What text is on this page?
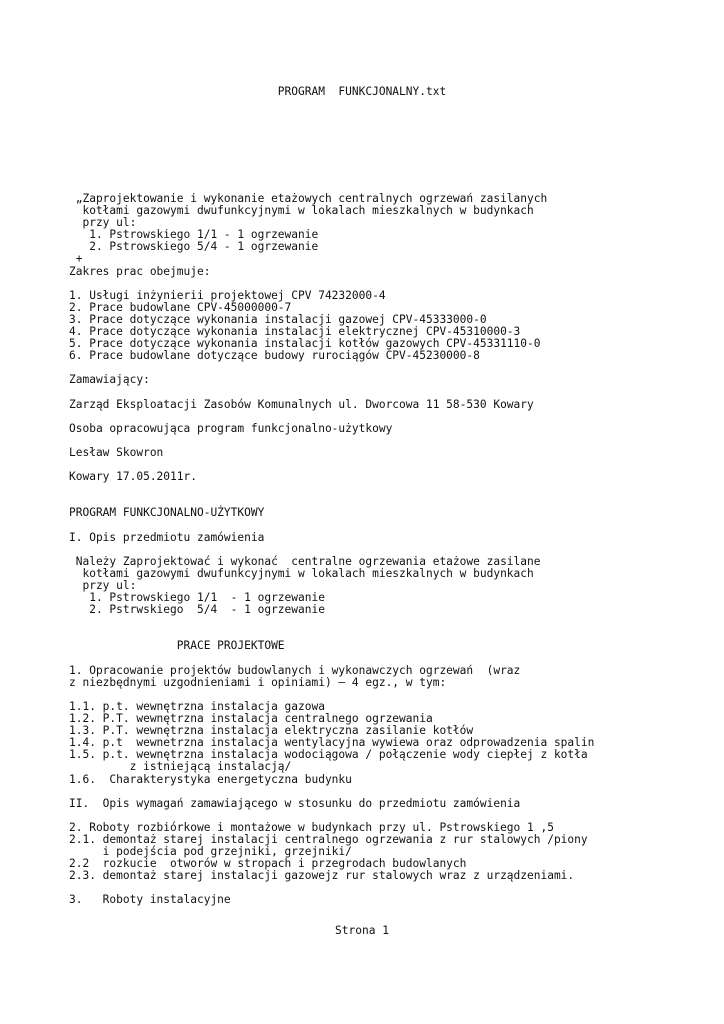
PROGRAM  FUNKCJONALNY.txt
„Zaprojektowanie i wykonanie etażowych centralnych ogrzewań zasilanych
kotłami gazowymi dwufunkcyjnymi w lokalach mieszkalnych w budynkach
przy ul:
1. Pstrowskiego 1/1 - 1 ogrzewanie
2. Pstrowskiego 5/4 - 1 ogrzewanie
+
Zakres prac obejmuje:
1. Usługi inżynierii projektowej CPV 74232000-4
2. Prace budowlane CPV-45000000-7
3. Prace dotyczące wykonania instalacji gazowej CPV-45333000-0
4. Prace dotyczące wykonania instalacji elektrycznej CPV-45310000-3
5. Prace dotyczące wykonania instalacji kotłów gazowych CPV-45331110-0
6. Prace budowlane dotyczące budowy rurociągów CPV-45230000-8
Zamawiający:
Zarząd Eksploatacji Zasobów Komunalnych ul. Dworcowa 11 58-530 Kowary
Osoba opracowująca program funkcjonalno-użytkowy
Lesław Skowron
Kowary 17.05.2011r.
PROGRAM FUNKCJONALNO-UŻYTKOWY
I. Opis przedmiotu zamówienia
Należy Zaprojektować i wykonać  centralne ogrzewania etażowe zasilane
kotłami gazowymi dwufunkcyjnymi w lokalach mieszkalnych w budynkach
przy ul:
1. Pstrowskiego 1/1  - 1 ogrzewanie
2. Pstrwskiego  5/4  - 1 ogrzewanie
PRACE PROJEKTOWE
1. Opracowanie projektów budowlanych i wykonawczych ogrzewań  (wraz
z niezbędnymi uzgodnieniami i opiniami) – 4 egz., w tym:
1.1. p.t. wewnętrzna instalacja gazowa
1.2. P.T. wewnętrzna instalacja centralnego ogrzewania
1.3. P.T. wewnętrzna instalacja elektryczna zasilanie kotłów
1.4. p.t  wewnetrzna instalacja wentylacyjna wywiewa oraz odprowadzenia spalin
1.5. p.t. wewnętrzna instalacja wodociągowa / połączenie wody ciepłej z kotła
z istniejącą instalacją/
1.6.  Charakterystyka energetyczna budynku
II.  Opis wymagań zamawiającego w stosunku do przedmiotu zamówienia
2. Roboty rozbiórkowe i montażowe w budynkach przy ul. Pstrowskiego 1 ,5
2.1. demontaż starej instalacji centralnego ogrzewania z rur stalowych /piony
i podejścia pod grzejniki, grzejniki/
2.2  rozkucie  otworów w stropach i przegrodach budowlanych
2.3. demontaż starej instalacji gazowejz rur stalowych wraz z urządzeniami.
3.   Roboty instalacyjne
Strona 1
